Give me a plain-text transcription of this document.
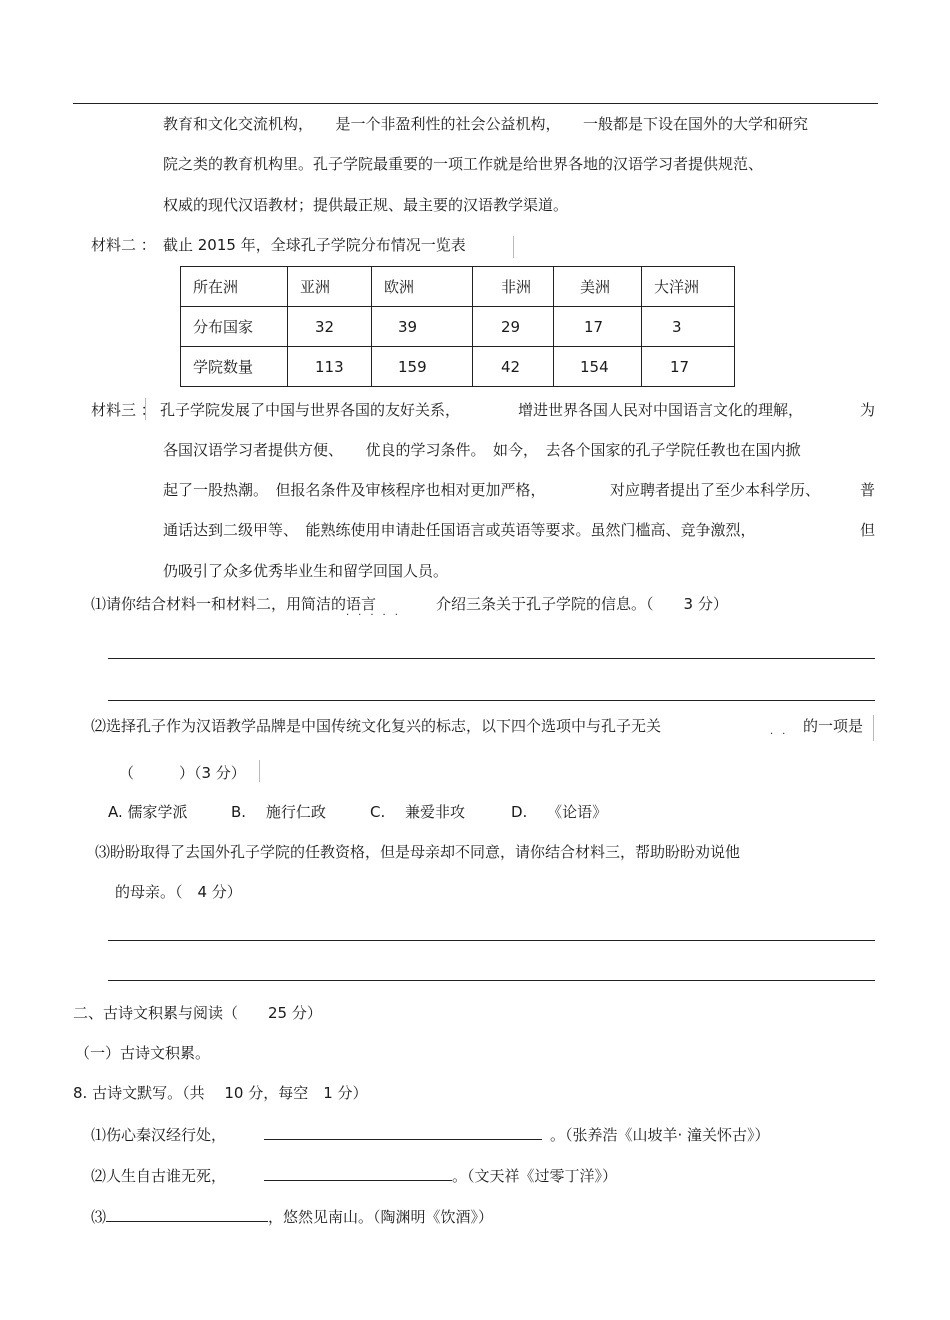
教育和文化交流机构，　　是一个非盈利性的社会公益机构，　　一般都是下设在国外的大学和研究
院之类的教育机构里。孔子学院最重要的一项工作就是给世界各地的汉语学习者提供规范、
权威的现代汉语教材；提供最正规、最主要的汉语教学渠道。
材料二 ： 截止 2015 年，全球孔子学院分布情况一览表
所在洲	亚洲	欧洲	非洲	美洲	大洋洲
分布国家	32	39	29	17	3
学院数量	113	159	42	154	17
材料三 ： 孔子学院发展了中国与世界各国的友好关系，	增进世界各国人民对中国语言文化的理解，	为
各国汉语学习者提供方便、　　优良的学习条件。　如今，　去各个国家的孔子学院任教也在国内掀
起了一股热潮。　但报名条件及审核程序也相对更加严格，	对应聘者提出了至少本科学历、	普
通话达到二级甲等、　能熟练使用申请赴任国语言或英语等要求。虽然门槛高、竞争激烈，	但
仍吸引了众多优秀毕业生和留学回国人员。
⑴请你结合材料一和材料二，用简洁的语言	介绍三条关于孔子学院的信息。（　　3 分）
·····
⑵选择孔子作为汉语教学品牌是中国传统文化复兴的标志，以下四个选项中与孔子无关	·· 的一项是
（　　　）（3 分）
A. 儒家学派	B.　 施行仁政	C.　 兼爱非攻	D.　 《论语》
⑶盼盼取得了去国外孔子学院的任教资格，但是母亲却不同意，请你结合材料三，帮助盼盼劝说他
的母亲。（　4 分）
二、古诗文积累与阅读（　　25 分）
（一）古诗文积累。
8. 古诗文默写。（共　 10 分，每空　1 分）
⑴伤心秦汉经行处，	。（张养浩《山坡羊· 潼关怀古》）
⑵人生自古谁无死，	。（文天祥《过零丁洋》）
⑶	，悠然见南山。（陶渊明《饮酒》）
